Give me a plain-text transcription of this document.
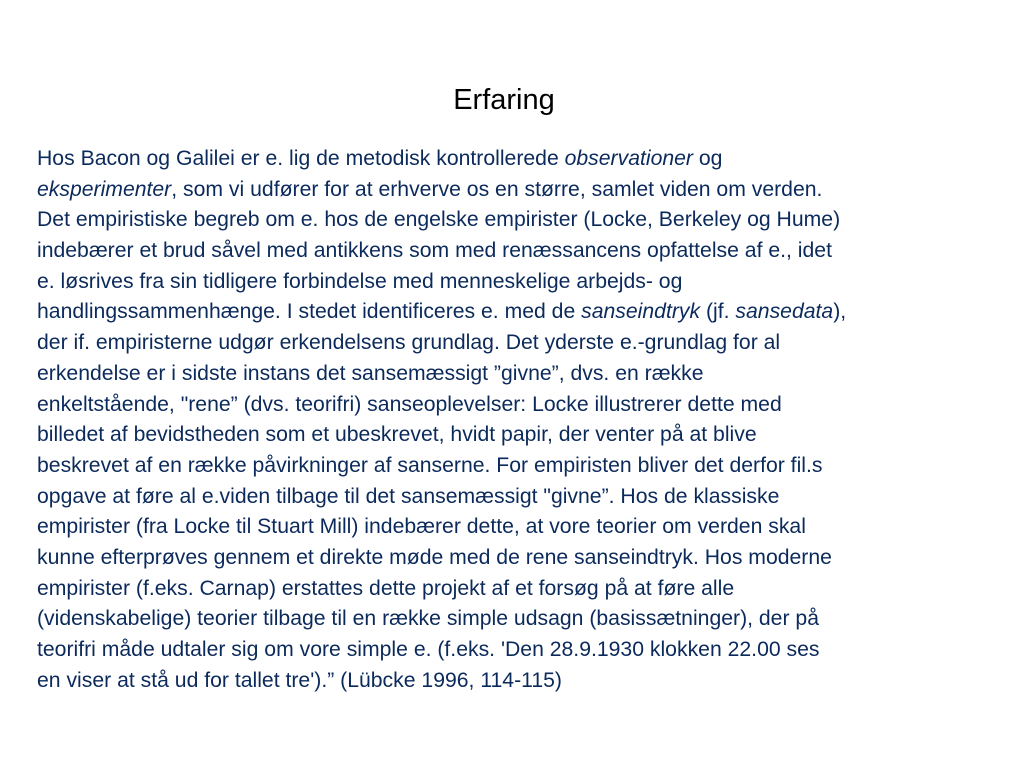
Erfaring
Hos Bacon og Galilei er e. lig de metodisk kontrollerede observationer og
eksperimenter, som vi udfører for at erhverve os en større, samlet viden om verden.
Det empiristiske begreb om e. hos de engelske empirister (Locke, Berkeley og Hume)
indebærer et brud såvel med antikkens som med renæssancens opfattelse af e., idet
e. løsrives fra sin tidligere forbindelse med menneskelige arbejds- og
handlingssammenhænge. I stedet identificeres e. med de sanseindtryk (jf. sansedata),
der if. empiristerne udgør erkendelsens grundlag. Det yderste e.-grundlag for al
erkendelse er i sidste instans det sansemæssigt ”givne”, dvs. en række
enkeltstående, "rene” (dvs. teorifri) sanseoplevelser: Locke illustrerer dette med
billedet af bevidstheden som et ubeskrevet, hvidt papir, der venter på at blive
beskrevet af en række påvirkninger af sanserne. For empiristen bliver det derfor fil.s
opgave at føre al e.viden tilbage til det sansemæssigt "givne”. Hos de klassiske
empirister (fra Locke til Stuart Mill) indebærer dette, at vore teorier om verden skal
kunne efterprøves gennem et direkte møde med de rene sanseindtryk. Hos moderne
empirister (f.eks. Carnap) erstattes dette projekt af et forsøg på at føre alle
(videnskabelige) teorier tilbage til en række simple udsagn (basissætninger), der på
teorifri måde udtaler sig om vore simple e. (f.eks. 'Den 28.9.1930 klokken 22.00 ses
en viser at stå ud for tallet tre').” (Lübcke 1996, 114-115)
